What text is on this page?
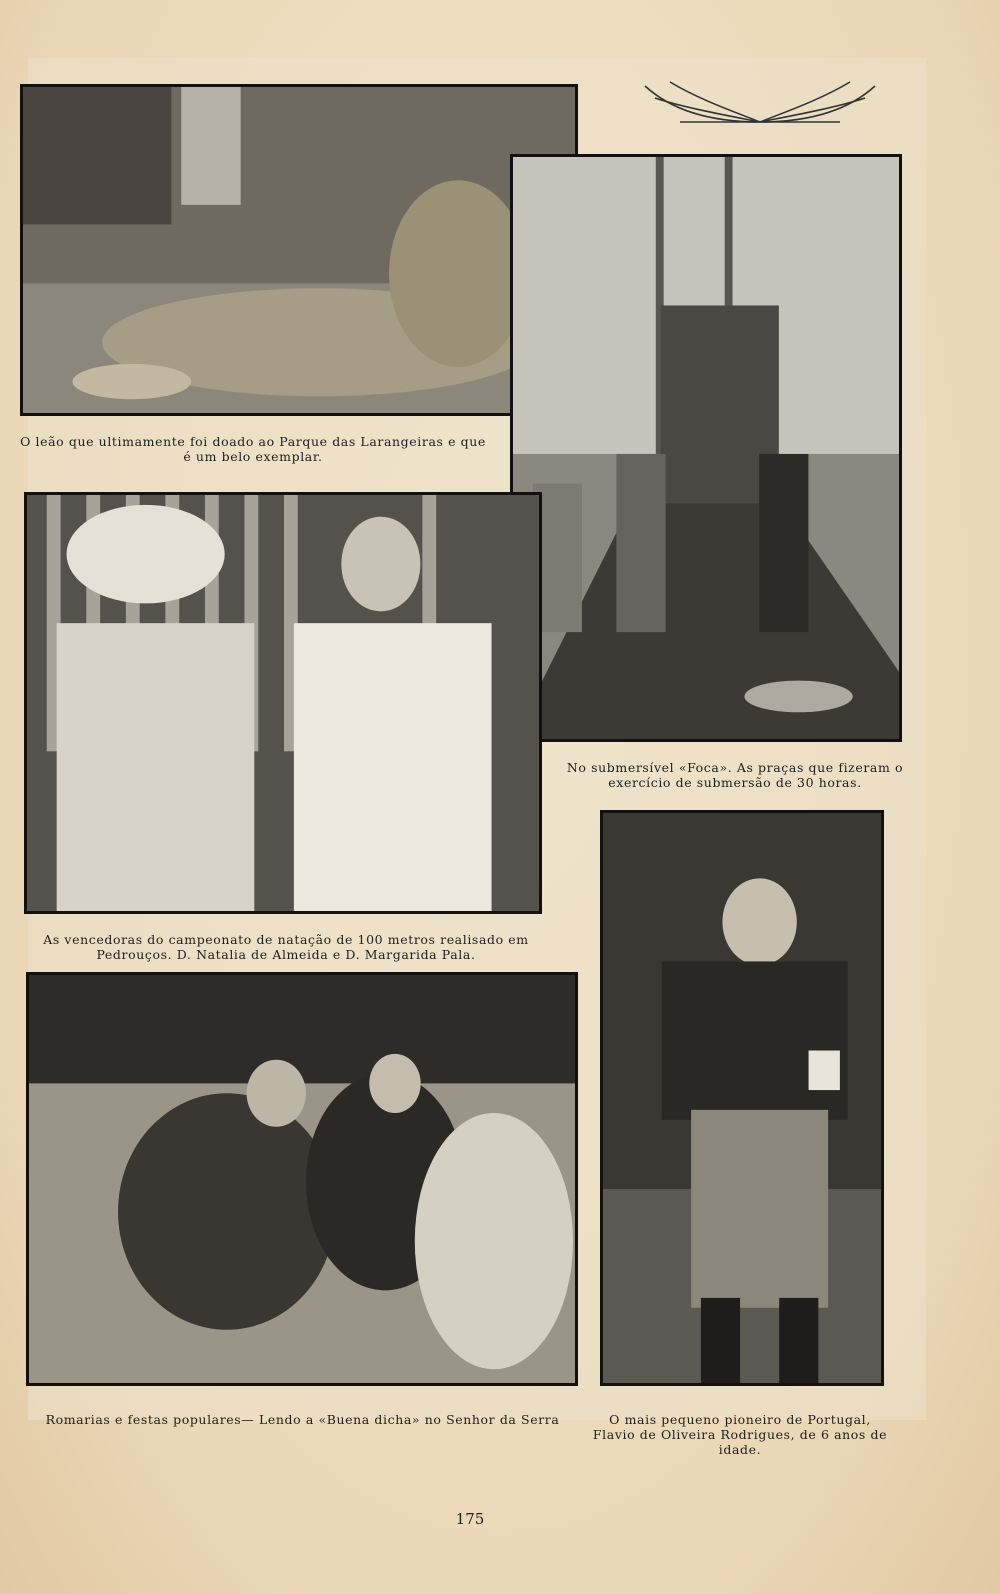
O leão que ultimamente foi doado ao Parque das Larangeiras e que é um belo exemplar.
No submersível «Foca». As praças que fizeram o exercício de submersão de 30 horas.
As vencedoras do campeonato de natação de 100 metros realisado em Pedrouços. D. Natalia de Almeida e D. Margarida Pala.
Romarias e festas populares— Lendo a «Buena dicha» no Senhor da Serra	O mais pequeno pioneiro de Portugal, Flavio de Oliveira Rodrigues, de 6 anos de idade.
175
